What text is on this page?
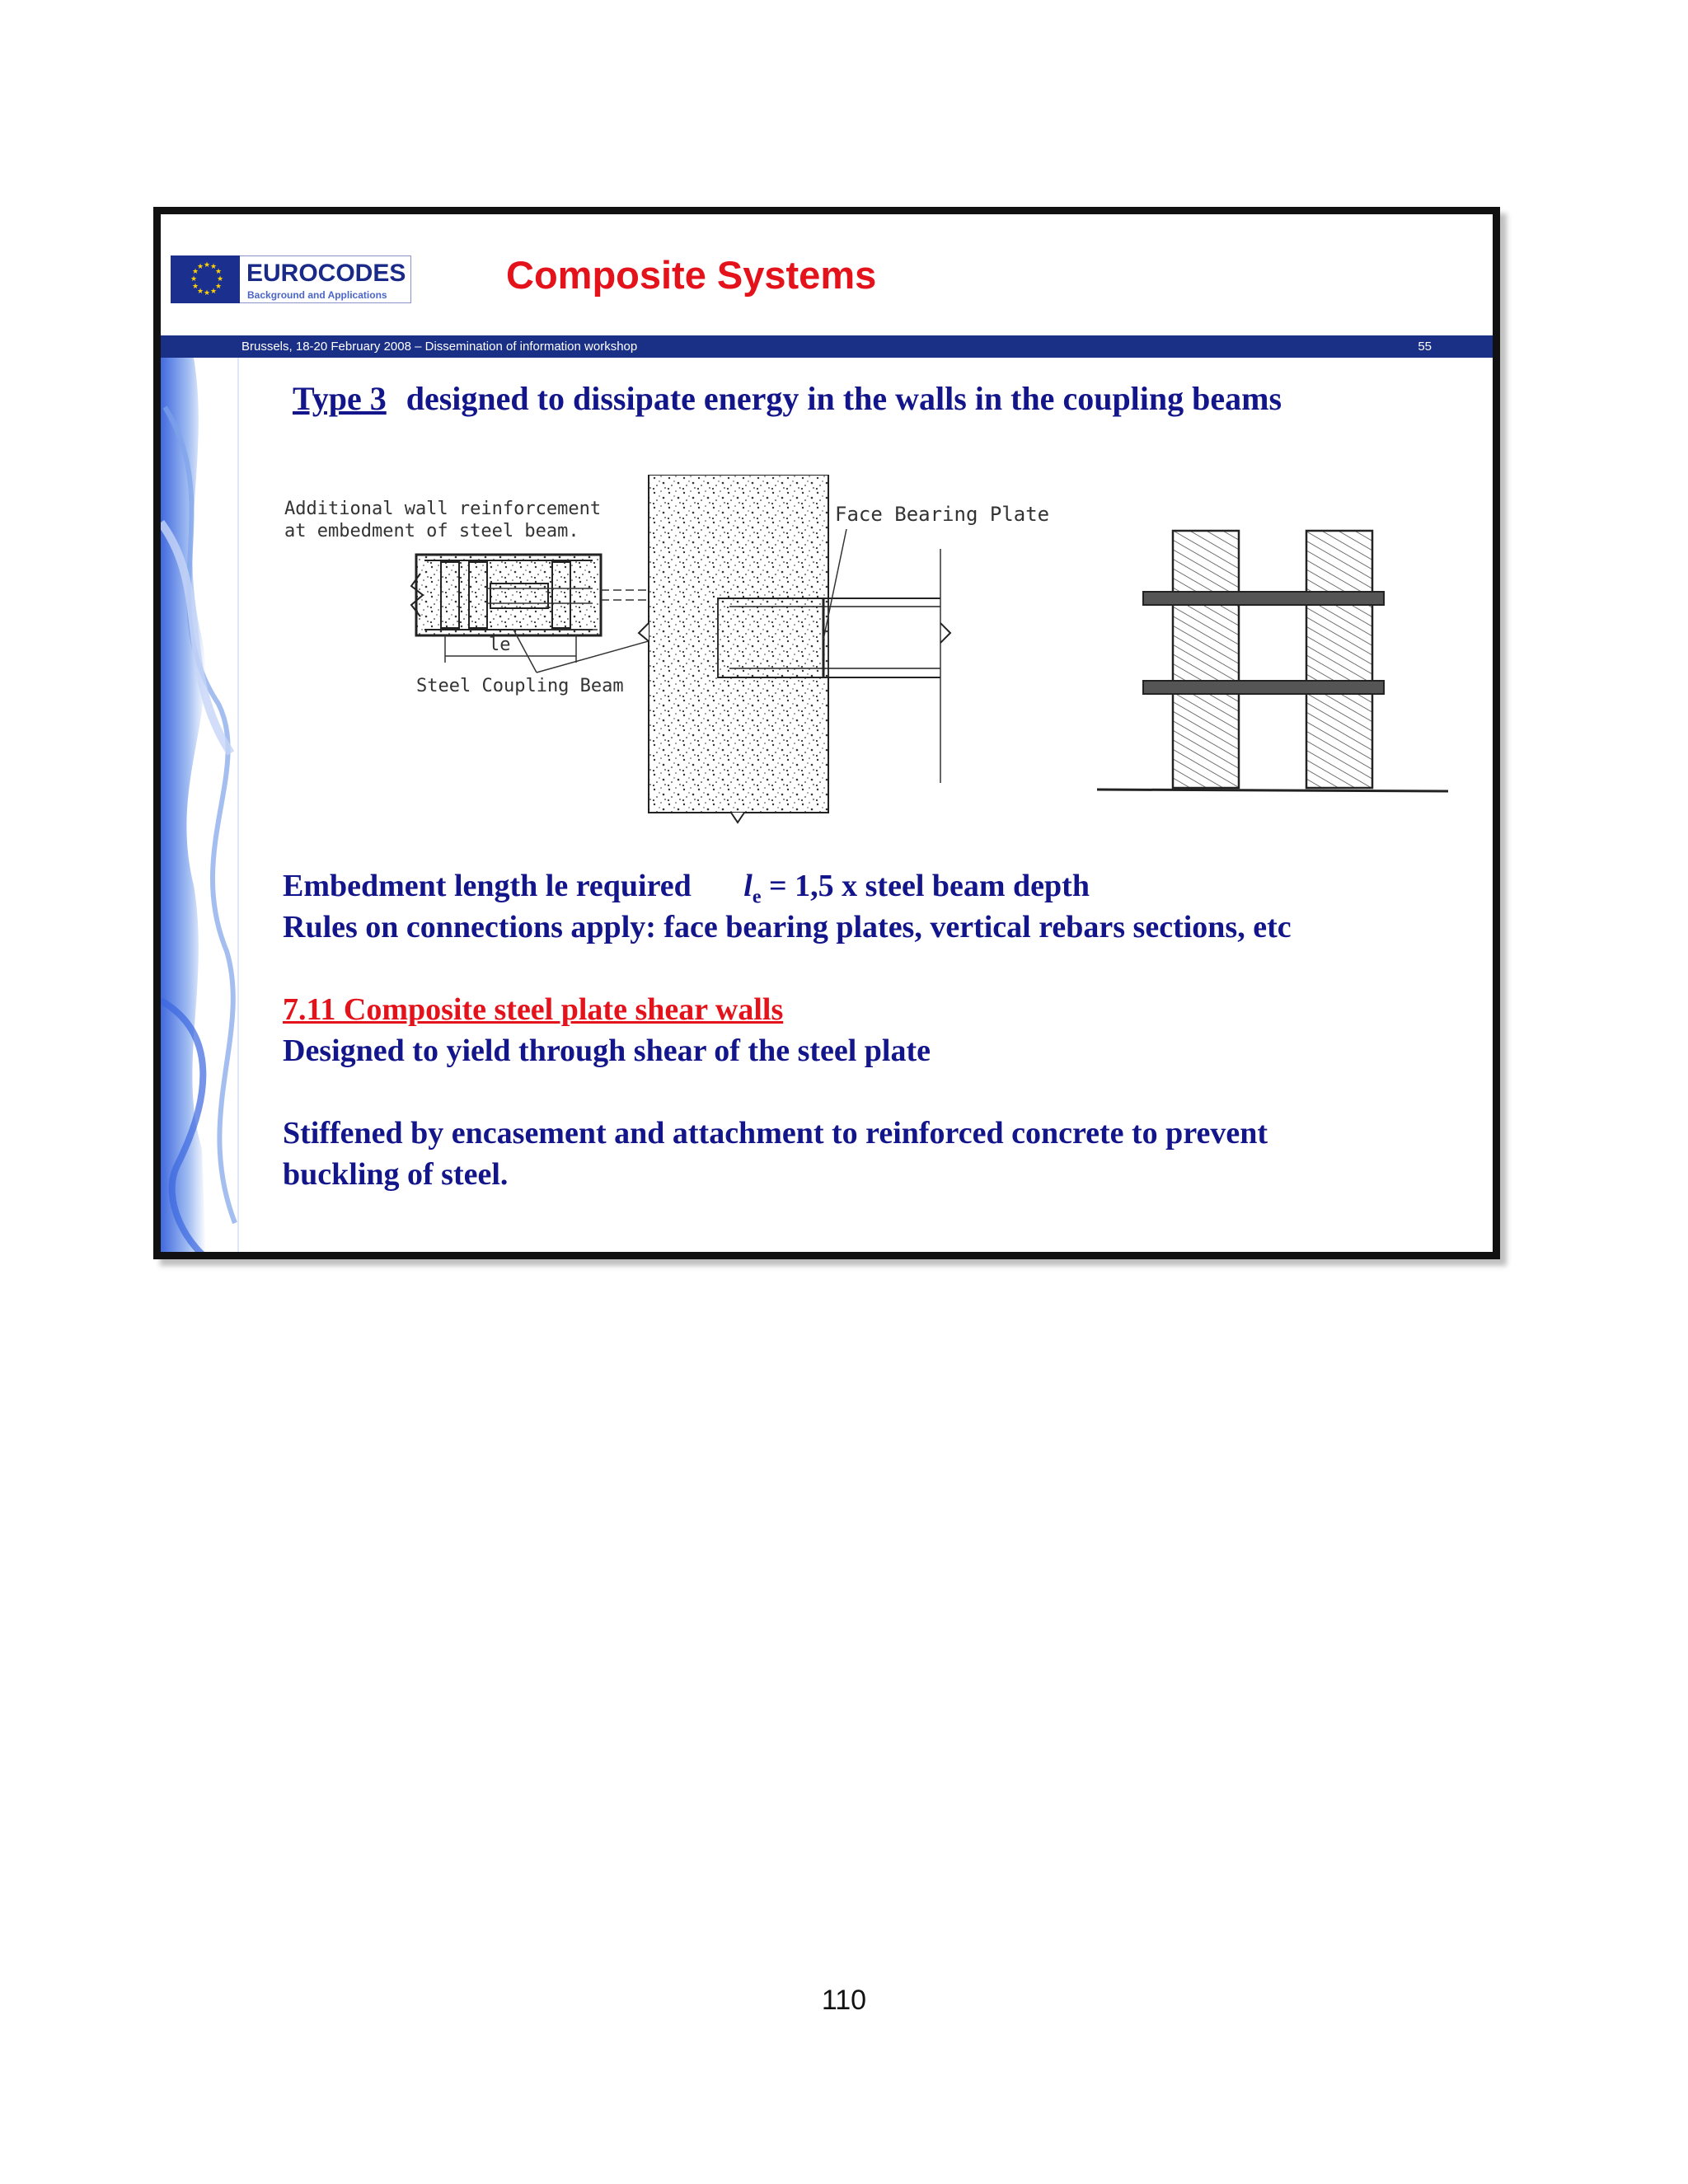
★ ★
★
★
★
★
★
★
★
★
★
★ EUROCODES
Background and Applications	Composite Systems
Brussels, 18-20 February 2008 – Dissemination of information workshop	55
Type 3 designed to dissipate energy in the walls in the coupling beams
Additional wall reinforcement
at embedment of steel beam.
le
Steel Coupling Beam
Face Bearing Plate
Embedment length le required $l_e = 1,5$ x steel beam depth
Rules on connections apply: face bearing plates, vertical rebars sections, etc
7.11 Composite steel plate shear walls
Designed to yield through shear of the steel plate
Stiffened by encasement and attachment to reinforced concrete to prevent
buckling of steel.
110
